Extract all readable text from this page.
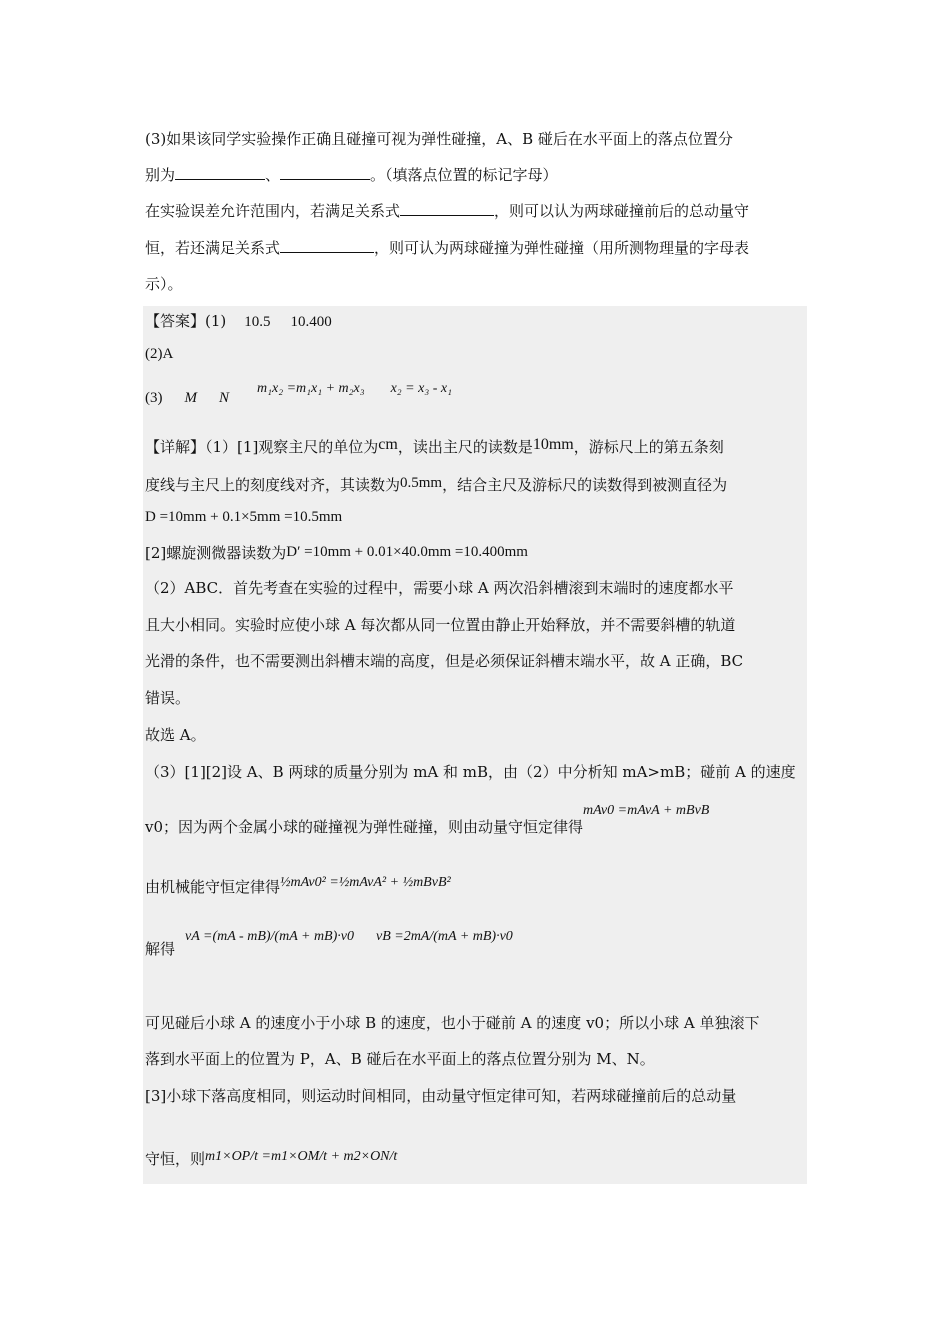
(3)如果该同学实验操作正确且碰撞可视为弹性碰撞，A、B 碰后在水平面上的落点位置分
别为	、	。（填落点位置的标记字母）
在实验误差允许范围内，若满足关系式	，则可以认为两球碰撞前后的总动量守
恒，若还满足关系式	，则可认为两球碰撞为弹性碰撞（用所测物理量的字母表
示）。
【答案】(1) 10.5 10.400
(2)A
(3) M Nm₁x₂ =m₁x₁ + m₂x₃ x₂ = x₃ - x₁
【详解】（1）[1]观察主尺的单位为cm，读出主尺的读数是10mm，游标尺上的第五条刻
度线与主尺上的刻度线对齐，其读数为0.5mm，结合主尺及游标尺的读数得到被测直径为
D =10mm + 0.1×5mm =10.5mm
[2]螺旋测微器读数为D′ =10mm + 0.01×40.0mm =10.400mm
（2）ABC．首先考查在实验的过程中，需要小球 A 两次沿斜槽滚到末端时的速度都水平
且大小相同。实验时应使小球 A 每次都从同一位置由静止开始释放，并不需要斜槽的轨道
光滑的条件，也不需要测出斜槽末端的高度，但是必须保证斜槽末端水平，故 A 正确，BC
错误。
故选 A。
（3）[1][2]设 A、B 两球的质量分别为 mA 和 mB，由（2）中分析知 mA>mB；碰前 A 的速度
v0；因为两个金属小球的碰撞视为弹性碰撞，则由动量守恒定律得mAv0 =mAvA + mBvB
由机械能守恒定律得½mAv0² =½mAvA² + ½mBvB²
解得vA =(mA - mB)/(mA + mB)·v0 vB =2mA/(mA + mB)·v0
可见碰后小球 A 的速度小于小球 B 的速度，也小于碰前 A 的速度 v0；所以小球 A 单独滚下
落到水平面上的位置为 P，A、B 碰后在水平面上的落点位置分别为 M、N。
[3]小球下落高度相同，则运动时间相同，由动量守恒定律可知，若两球碰撞前后的总动量
守恒，则m1×OP/t =m1×OM/t + m2×ON/t
